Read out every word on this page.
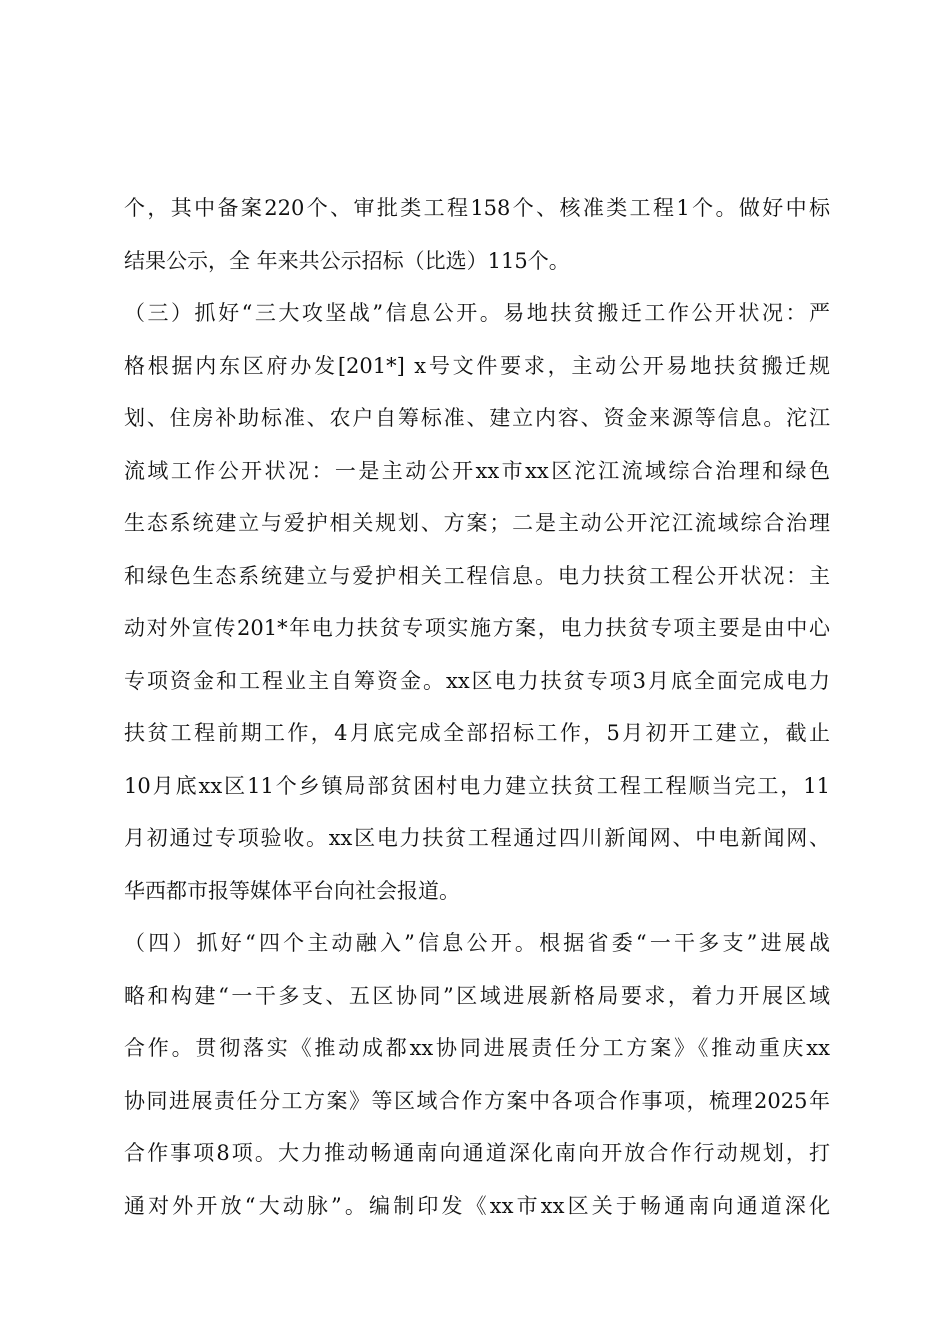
个，其中备案220个、审批类工程158个、核准类工程1个。做好中标
结果公示，全 年来共公示招标（比选）115个。
（三）抓好“三大攻坚战”信息公开。易地扶贫搬迁工作公开状况：严
格根据内东区府办发[201*] x号文件要求，主动公开易地扶贫搬迁规
划、住房补助标准、农户自筹标准、建立内容、资金来源等信息。沱江
流域工作公开状况：一是主动公开xx市xx区沱江流域综合治理和绿色
生态系统建立与爱护相关规划、方案；二是主动公开沱江流域综合治理
和绿色生态系统建立与爱护相关工程信息。电力扶贫工程公开状况：主
动对外宣传201*年电力扶贫专项实施方案，电力扶贫专项主要是由中心
专项资金和工程业主自筹资金。xx区电力扶贫专项3月底全面完成电力
扶贫工程前期工作，4月底完成全部招标工作，5月初开工建立，截止
10月底xx区11个乡镇局部贫困村电力建立扶贫工程工程顺当完工，11
月初通过专项验收。xx区电力扶贫工程通过四川新闻网、中电新闻网、
华西都市报等媒体平台向社会报道。
（四）抓好“四个主动融入”信息公开。根据省委“一干多支”进展战
略和构建“一干多支、五区协同”区域进展新格局要求，着力开展区域
合作。贯彻落实《推动成都xx协同进展责任分工方案》《推动重庆xx
协同进展责任分工方案》等区域合作方案中各项合作事项，梳理2025年
合作事项8项。大力推动畅通南向通道深化南向开放合作行动规划，打
通对外开放“大动脉”。编制印发《xx市xx区关于畅通南向通道深化
